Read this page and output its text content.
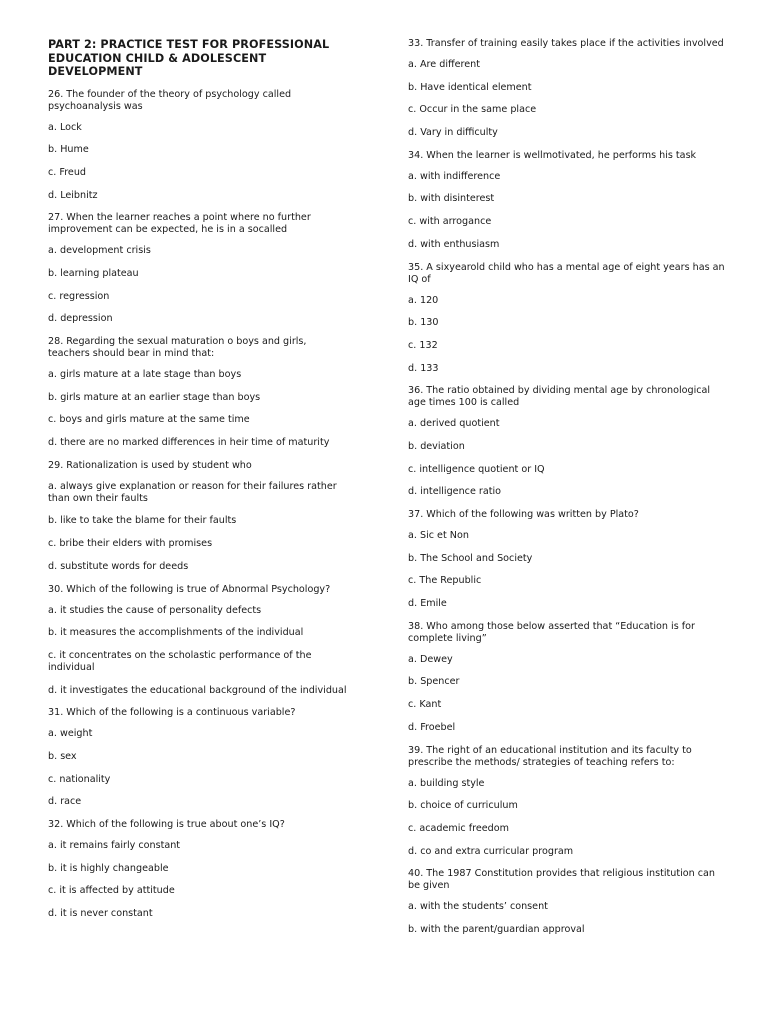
PART 2: PRACTICE TEST FOR PROFESSIONAL EDUCATION CHILD & ADOLESCENT DEVELOPMENT
26. The founder of the theory of psychology called psychoanalysis was
a. Lock
b. Hume
c. Freud
d. Leibnitz
27. When the learner reaches a point where no further improvement can be expected, he is in a socalled
a. development crisis
b. learning plateau
c. regression
d. depression
28. Regarding the sexual maturation o boys and girls, teachers should bear in mind that:
a. girls mature at a late stage than boys
b. girls mature at an earlier stage than boys
c. boys and girls mature at the same time
d. there are no marked differences in heir time of maturity
29. Rationalization is used by student who
a. always give explanation or reason for their failures rather than own their faults
b. like to take the blame for their faults
c. bribe their elders with promises
d. substitute words for deeds
30. Which of the following is true of Abnormal Psychology?
a. it studies the cause of personality defects
b. it measures the accomplishments of the individual
c. it concentrates on the scholastic performance of the individual
d. it investigates the educational background of the individual
31. Which of the following is a continuous variable?
a. weight
b. sex
c. nationality
d. race
32. Which of the following is true about one’s IQ?
a. it remains fairly constant
b. it is highly changeable
c. it is affected by attitude
d. it is never constant
33. Transfer of training easily takes place if the activities involved
a. Are different
b. Have identical element
c. Occur in the same place
d. Vary in difficulty
34. When the learner is wellmotivated, he performs his task
a. with indifference
b. with disinterest
c. with arrogance
d. with enthusiasm
35. A sixyearold child who has a mental age of eight years has an IQ of
a. 120
b. 130
c. 132
d. 133
36. The ratio obtained by dividing mental age by chronological age times 100 is called
a. derived quotient
b. deviation
c. intelligence quotient or IQ
d. intelligence ratio
37. Which of the following was written by Plato?
a. Sic et Non
b. The School and Society
c. The Republic
d. Emile
38. Who among those below asserted that “Education is for complete living”
a. Dewey
b. Spencer
c. Kant
d. Froebel
39. The right of an educational institution and its faculty to prescribe the methods/ strategies of teaching refers to:
a. building style
b. choice of curriculum
c. academic freedom
d. co and extra curricular program
40. The 1987 Constitution provides that religious institution can be given
a. with the students’ consent
b. with the parent/guardian approval
